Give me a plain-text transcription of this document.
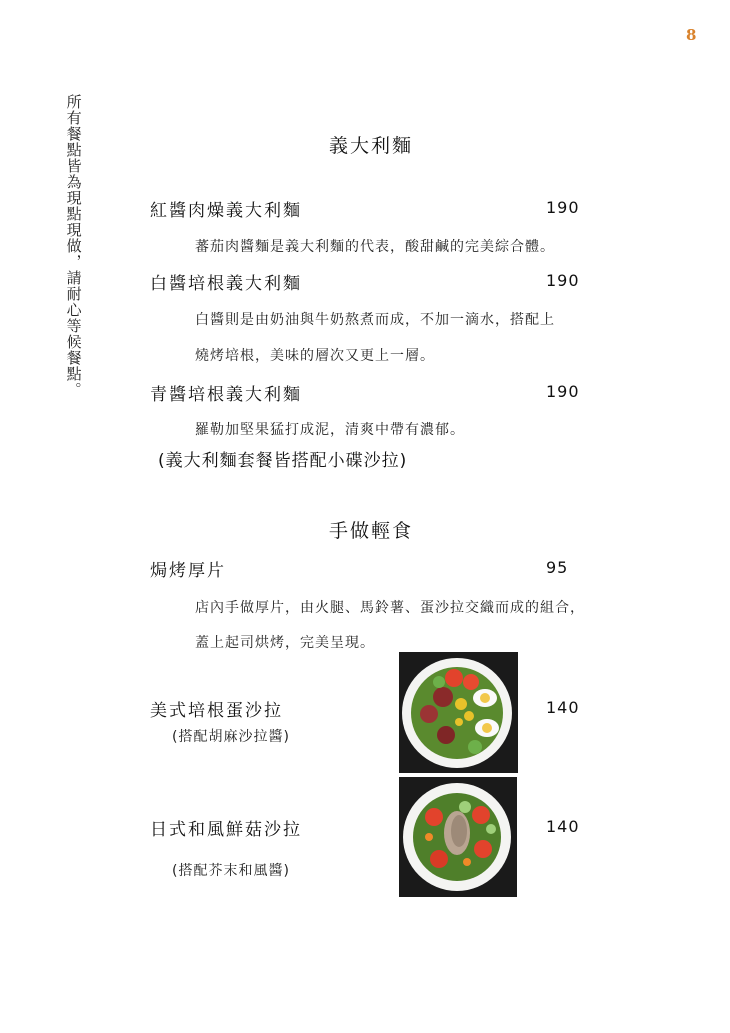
8
所有餐點皆為現點現做，請耐心等候餐點。	義大利麵
紅醬肉燥義大利麵	190
蕃茄肉醬麵是義大利麵的代表，酸甜鹹的完美綜合體。
白醬培根義大利麵	190
白醬則是由奶油與牛奶熬煮而成，不加一滴水，搭配上
燒烤培根，美味的層次又更上一層。
青醬培根義大利麵	190
羅勒加堅果猛打成泥，清爽中帶有濃郁。
(義大利麵套餐皆搭配小碟沙拉)
手做輕食
焗烤厚片	95
店內手做厚片，由火腿、馬鈴薯、蛋沙拉交織而成的組合，
蓋上起司烘烤，完美呈現。
美式培根蛋沙拉	140
(搭配胡麻沙拉醬)
日式和風鮮菇沙拉	140
(搭配芥末和風醬)
